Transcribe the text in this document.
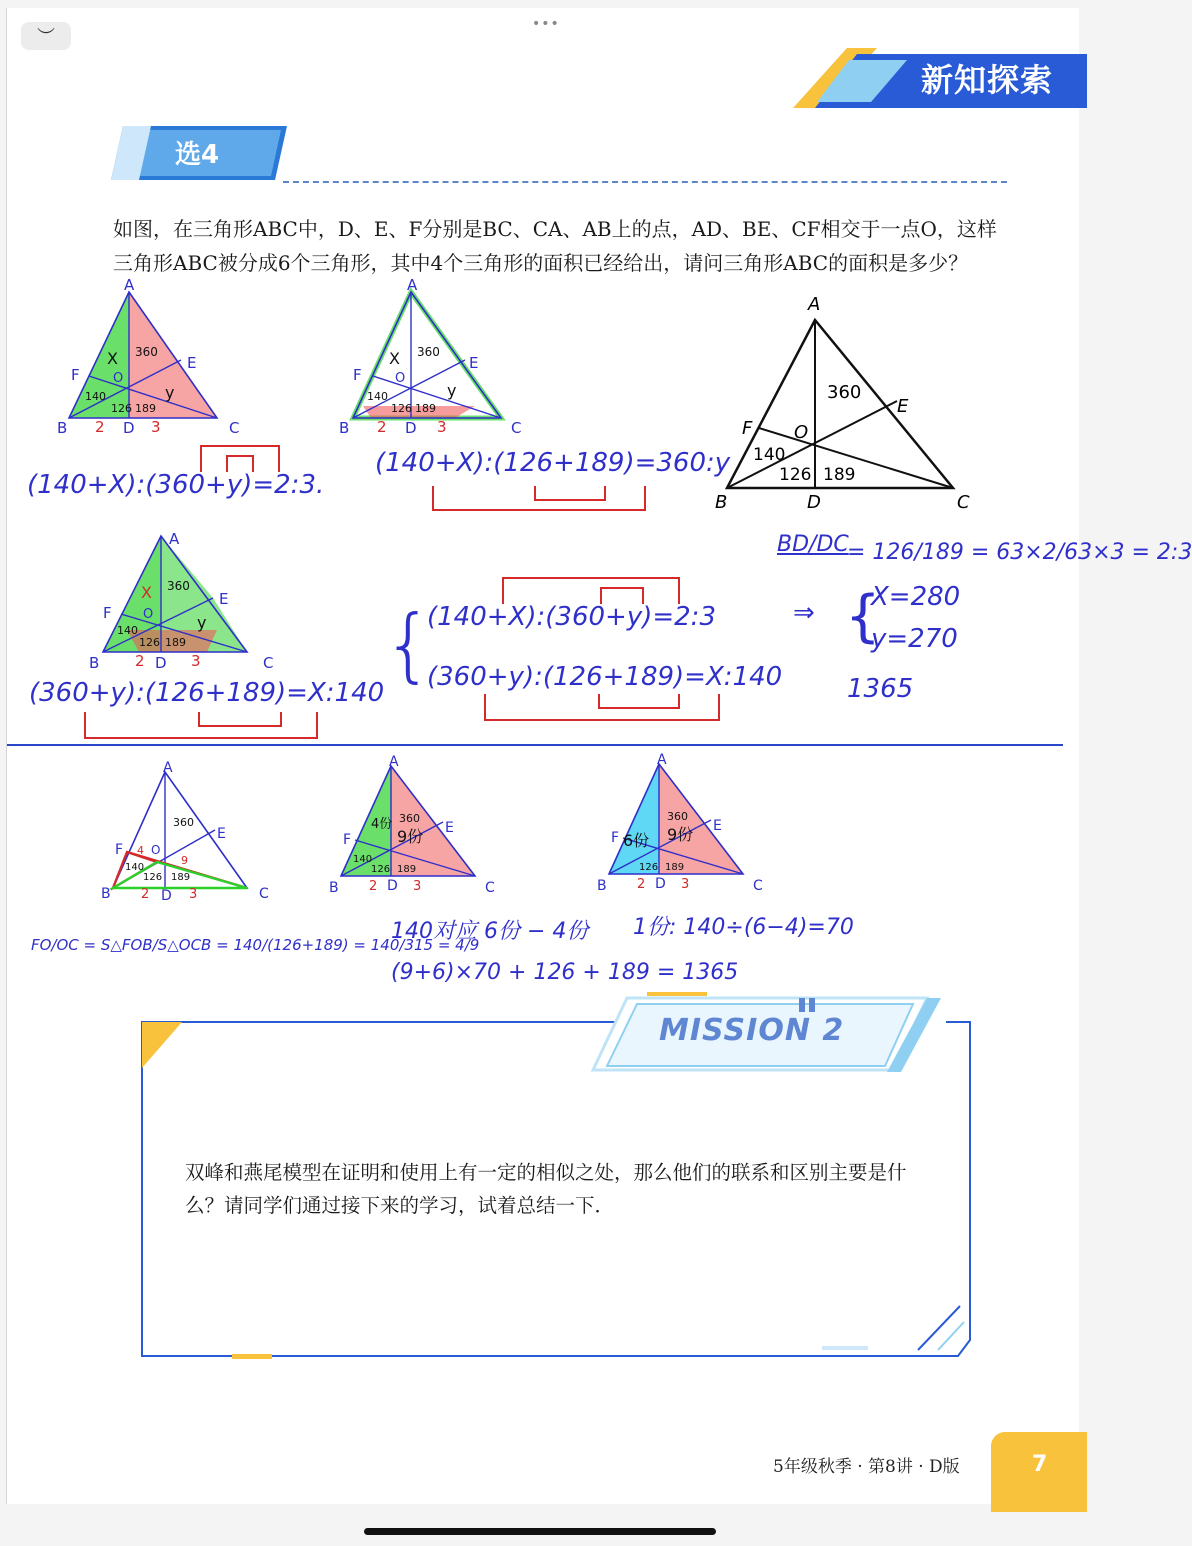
︶
•••
新知探索
选4
如图，在三角形ABC中，D、E、F分别是BC、CA、AB上的点，AD、BE、CF相交于一点O，这样三角形ABC被分成6个三角形，其中4个三角形的面积已经给出，请问三角形ABC的面积是多少？
A
B	C
D
E
F O
360
140
126 189
A
B	C
D
E
F	O
X
y
360
140
126 189
2	3
A
B	C
D
E
F	O
X
y
360
140
126 189
2	3
(140+X):(360+y)=2:3.
(140+X):(126+189)=360:y
A
B	C
D
E
F O
X
y
360
140
126 189
2	3
(360+y):(126+189)=X:140
{
(140+X):(360+y)=2:3
(360+y):(126+189)=X:140
BD/DC
= 126/189 = 63×2/63×3 = 2:3
⇒ {
X=280
y=270
1365
A
B	C
D
E
F O
4
9
360
140
126 189
2	3
A
B	C
D
E
F
4份
9份
360
140
126 189
2	3
A
B	C
D
E
F 6份 9份
360
126 189
2	3
FO/OC = S△FOB/S△OCB = 140/(126+189) = 140/315 = 4/9
140对应 6份 − 4份 1份: 140÷(6−4)=70
(9+6)×70 + 126 + 189 = 1365
MISSION 2
双峰和燕尾模型在证明和使用上有一定的相似之处，那么他们的联系和区别主要是什么？请同学们通过接下来的学习，试着总结一下．
5年级秋季 · 第8讲 · D版	7
